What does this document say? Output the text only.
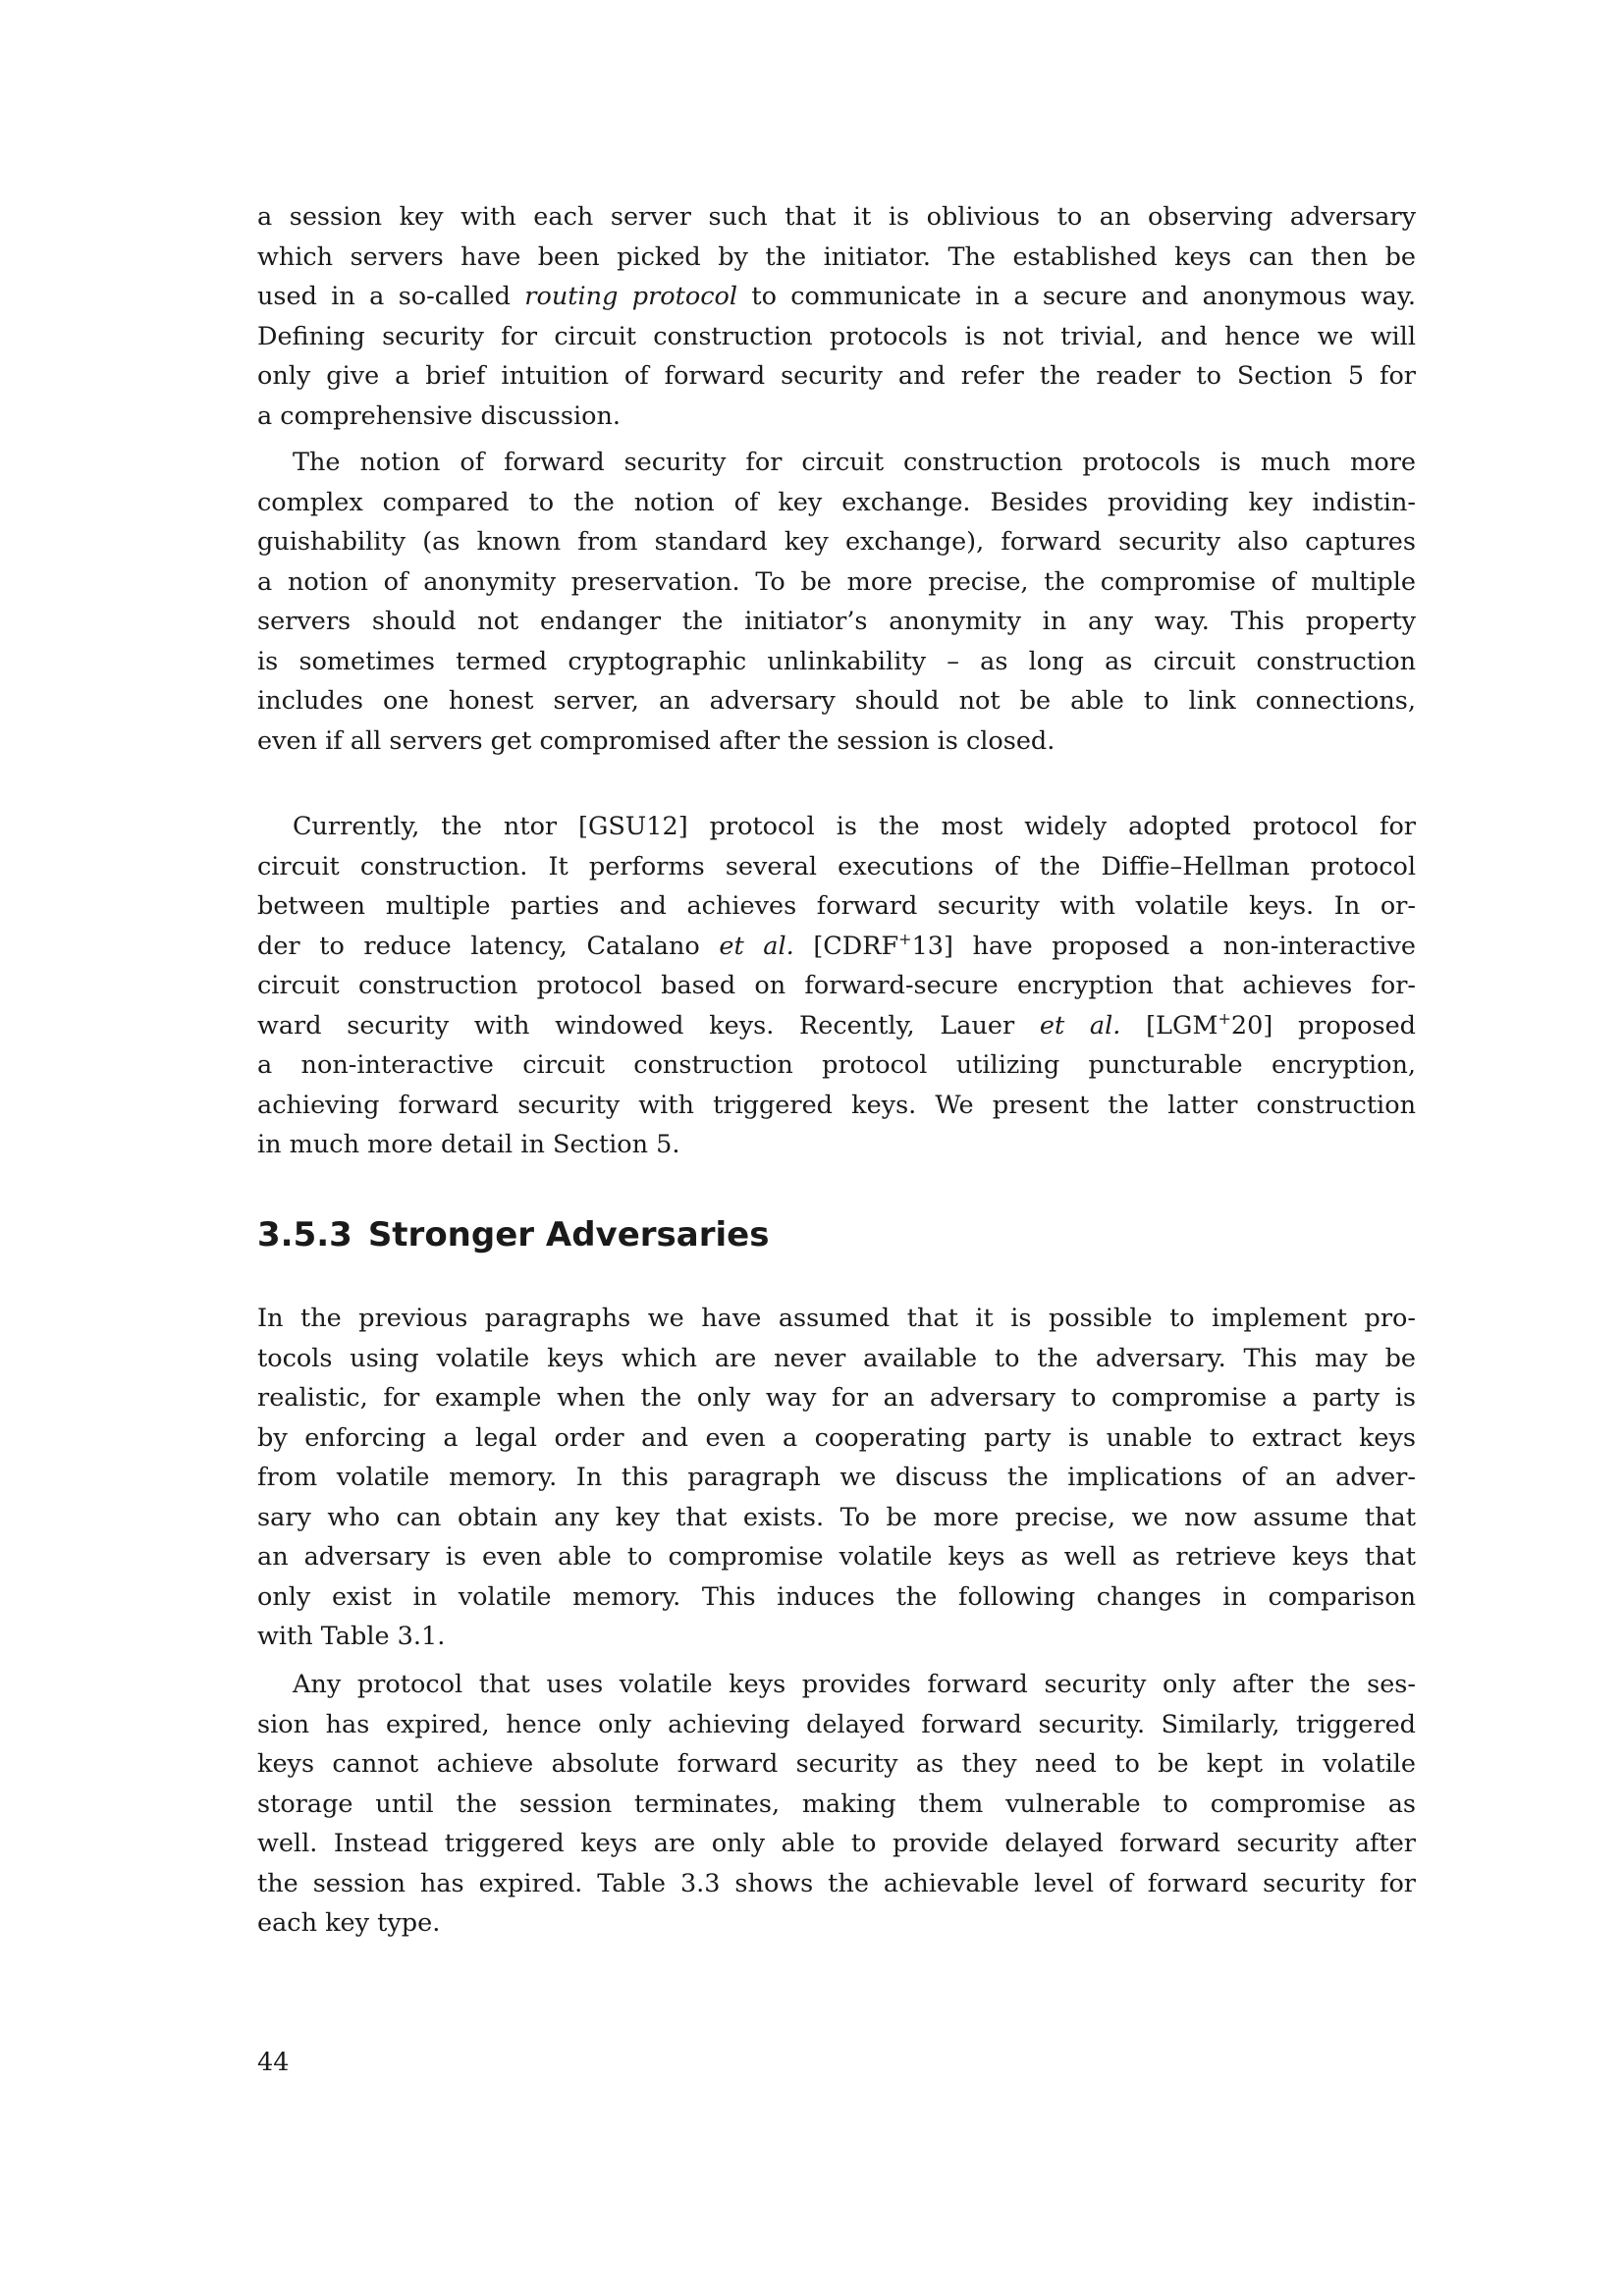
a session key with each server such that it is oblivious to an observing adversary
which servers have been picked by the initiator. The established keys can then be
used in a so-called routing protocol to communicate in a secure and anonymous way.
Defining security for circuit construction protocols is not trivial, and hence we will
only give a brief intuition of forward security and refer the reader to Section 5 for
a comprehensive discussion.
The notion of forward security for circuit construction protocols is much more
complex compared to the notion of key exchange. Besides providing key indistin-
guishability (as known from standard key exchange), forward security also captures
a notion of anonymity preservation. To be more precise, the compromise of multiple
servers should not endanger the initiator’s anonymity in any way. This property
is sometimes termed cryptographic unlinkability – as long as circuit construction
includes one honest server, an adversary should not be able to link connections,
even if all servers get compromised after the session is closed.
Currently, the ntor [GSU12] protocol is the most widely adopted protocol for
circuit construction. It performs several executions of the Diffie–Hellman protocol
between multiple parties and achieves forward security with volatile keys. In or-
der to reduce latency, Catalano et al. [CDRF+13] have proposed a non-interactive
circuit construction protocol based on forward-secure encryption that achieves for-
ward security with windowed keys. Recently, Lauer et al. [LGM+20] proposed
a non-interactive circuit construction protocol utilizing puncturable encryption,
achieving forward security with triggered keys. We present the latter construction
in much more detail in Section 5.
3.5.3 Stronger Adversaries
In the previous paragraphs we have assumed that it is possible to implement pro-
tocols using volatile keys which are never available to the adversary. This may be
realistic, for example when the only way for an adversary to compromise a party is
by enforcing a legal order and even a cooperating party is unable to extract keys
from volatile memory. In this paragraph we discuss the implications of an adver-
sary who can obtain any key that exists. To be more precise, we now assume that
an adversary is even able to compromise volatile keys as well as retrieve keys that
only exist in volatile memory. This induces the following changes in comparison
with Table 3.1.
Any protocol that uses volatile keys provides forward security only after the ses-
sion has expired, hence only achieving delayed forward security. Similarly, triggered
keys cannot achieve absolute forward security as they need to be kept in volatile
storage until the session terminates, making them vulnerable to compromise as
well. Instead triggered keys are only able to provide delayed forward security after
the session has expired. Table 3.3 shows the achievable level of forward security for
each key type.
44
